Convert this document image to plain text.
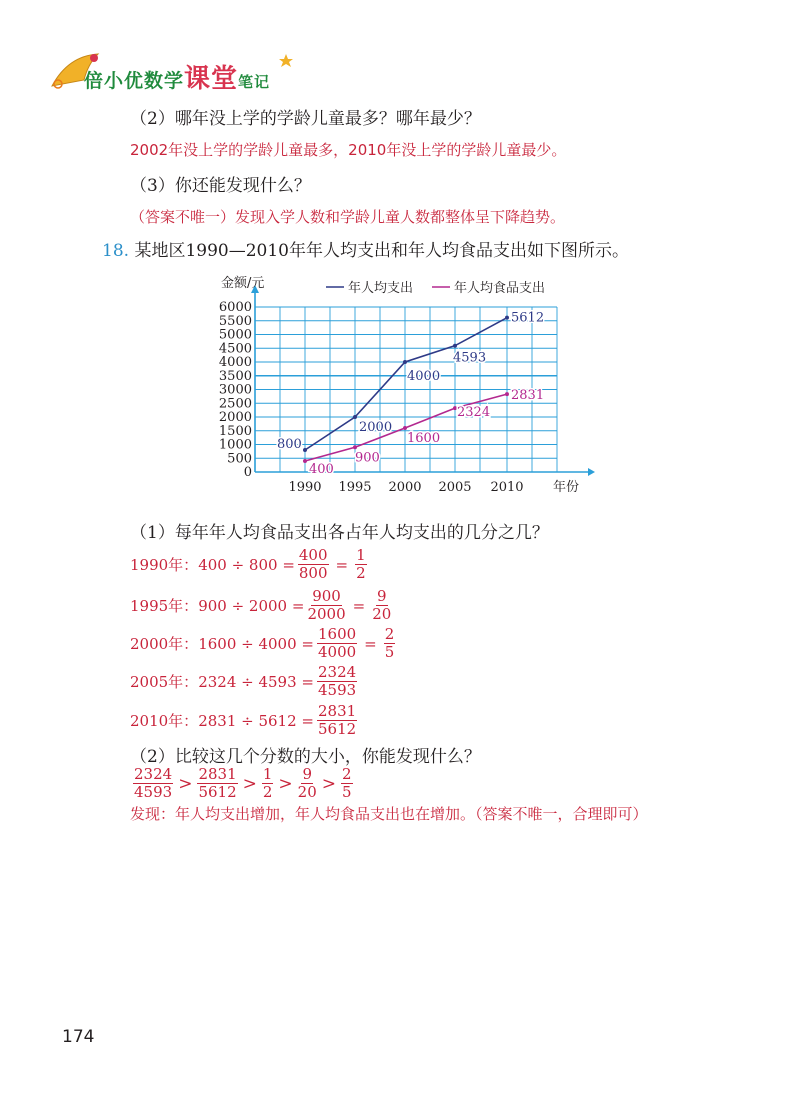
倍小优数学课堂笔记
（2）哪年没上学的学龄儿童最多？哪年最少？
2002年没上学的学龄儿童最多，2010年没上学的学龄儿童最少。
（3）你还能发现什么？
（答案不唯一）发现入学人数和学龄儿童人数都整体呈下降趋势。
18. 某地区1990—2010年年人均支出和年人均食品支出如下图所示。
0
500
1000
1500
2000
2500
3000
3500
4000
4500
5000
5500
6000
1990 1995 2000 2005 2010
金额/元
年份
年人均支出	年人均食品支出
800
2000
4000
4593
5612
400
900
1600
2324
2831
（1）每年年人均食品支出各占年人均支出的几分之几？
1990年： $400 \div 800 = \frac{400}{800} = \frac{1}{2}$
1995年： $900 \div 2000 = \frac{900}{2000} = \frac{9}{20}$
2000年： $1600 \div 4000 = \frac{1600}{4000} = \frac{2}{5}$
2005年： $2324 \div 4593 = \frac{2324}{4593}$
2010年： $2831 \div 5612 = \frac{2831}{5612}$
（2）比较这几个分数的大小，你能发现什么？
$\frac{2324}{4593} > \frac{2831}{5612} > \frac{1}{2} > \frac{9}{20} > \frac{2}{5}$
发现：年人均支出增加，年人均食品支出也在增加。（答案不唯一，合理即可）
174
